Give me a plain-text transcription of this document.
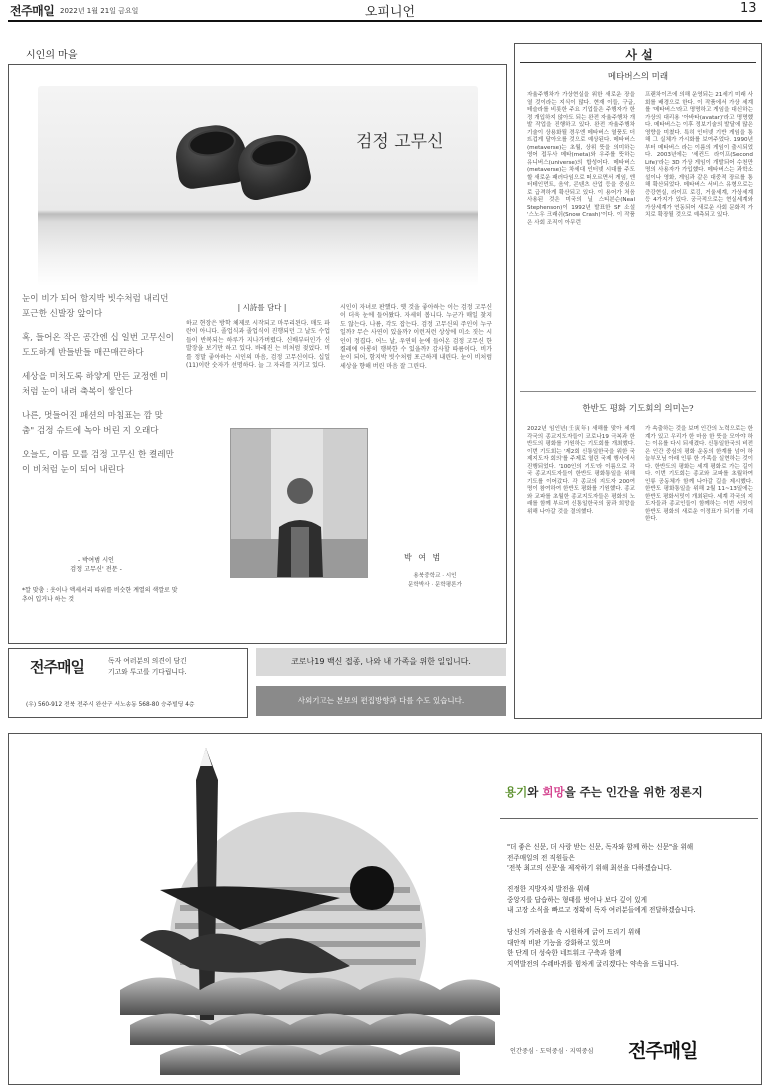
전주매일 2022년 1월 21일 금요일	오피니언	13
시인의 마을
검정 고무신

눈이 비가 되어 함지박 빗수처럼 내리던 포근한 신발장 앞이다

혹, 들어온 작은 공간엔 십 일번 고무신이 도도하게 반들반들 매끈매끈하다

세상을 미처도록 하얗게 만든 교정엔 미처럼 눈이 내려 축복이 쌓인다

나른, 멋들어진 패션의 마침표는 깜 맞춤" 검정 슈트에 녹아 버린 지 오래다

오늘도, 이름 모를 검정 고무신 한 켤레만이 비처럼 눈이 되어 내린다

- 박여범 시인
검정 고무신' 전문 -
*깔 맞춤 : 옷이나 액세서리 따위를 비슷한 계열의 색깔로 맞추어 입거나 하는 것
| 시詩를 담다 |
하교 현장은 방학 체제로 시작되고 마무리된다. 매도 파란이 아니다. 졸업식과 졸업식이 진행되던 그 날도 수업들이 반복되는 하루가 지나가버렸다. 신배부터인가 신발장을 보기만 하고 있다. 바래진 는 비처럼 젖었다. 비를 정말 좋아하는 시인의 마음, 검정 고무신이다. 십일(11)이란 숫자가 선명하다. 늘 그 자리를 지키고 있다.
시인이 자녀로 판했다. 옛 것을 좋아하는 이는 검정 고무신이 더욱 눈에 들어왔다. 자세히 봅니다. 누군가 매일 찾지도 않는다. 나름, 각도 잡는다. 검정 고무신의 주인이 누구일까? 무슨 사연이 있을까? 이런저런 상상에 미소 짓는 시인이 정겹다. 어느 날, 우연히 눈에 들어온 검정 고무신 한 켤레에 아롱히 행복한 수 있을까? 감사할 따름이다. 비가 눈이 되어, 함지박 빗수처럼 포근하게 내린다. 눈이 비처럼 세상을 향해 버린 마음 잘 그린다.
박 여 범
용북중학교 · 시인
문학박사 · 문학평론가
전주매일	독자 여러분의 의견이 담긴
기고와 투고를 기다립니다.
(우) 560-912 전북 전주시 완산구 서노송동 568-80 승주빌딩 4층
코로나19 백신 접종, 나와 내 가족을 위한 일입니다.
사외기고는 본보의 편집방향과 다를 수도 있습니다.
사 설
메타버스의 미래
자율주행차가 가상현실을 위한 새로운 장을 열 것이라는 지식이 많다. 현재 이들, 구글, 테슬라를 비롯한 주요 기업들은 주행자가 한정 개입하지 않아도 되는 완전 자율주행차 개발 작업을 진행하고 있다. 완전 자율주행차 기술이 상용화될 경우엔 메타버스 열풍도 더 뜨겁게 달아오를 것으로 예상된다. 메타버스(metaverse)는 초월, 상위 뜻을 의미하는 영어 접두사 메타(meta)와 우주를 뜻하는 유니버스(universe)의 합성어다. 메타버스(metaverse)는 차세대 인터넷 시대를 주도할 새로운 패러다임으로 떠오르면서 게임, 엔터테인먼트, 음악, 콘텐츠 산업 등을 중심으로 급격하게 확산되고 있다. 이 용어가 처음 사용된 것은 미국의 닐 스티븐슨(Neal Stephenson)이 1992년 발표한 SF 소설 '스노우 크래쉬(Snow Crash)'이다. 이 작품은 사회 조직이 아무런
프랜차이즈에 의해 운영되는 21세기 미래 사회를 배경으로 한다. 이 작품에서 가상 세계를 '메타버스'라고 명명하고 게임을 대신하는 가상의 대리용 '아바타(avatar)'라고 명명했다. 메타버스는 이후 정보기술의 발달에 많은 영향을 미쳤다. 특히 인터넷 기반 게임을 통해 그 실체가 가시화를 보여주었다. 1990년부터 메타버스 라는 이름의 게임이 출시되었다. 2003년에는 '세컨드 라이프(Second Life)'라는 3D 가상 게임이 개발되어 수천만 명의 사용자가 가입했다. 메타버스는 과학소설이나 영화, 게임과 같은 대중적 장르를 통해 확산되었다. 메타버스 서비스 유형으로는 증강현실, 라이프 로깅, 거울세계, 가상세계 등 4가지가 있다. 궁극적으로는 현실세계와 가상세계가 연동되어 새로운 사회 문화적 가치로 확장될 것으로 예측되고 있다.
한반도 평화 기도회의 의미는?
2022년 임인년(壬寅年) 새해를 맞아 세계 각국의 종교지도자들이 코로나19 극복과 한반도의 평화를 기원하는 기도회를 개최했다. 이번 기도회는 '제2회 신통일한국을 위한 국제지도자 회의'를 주제로 열린 국제 행사에서 진행되었다. '100인의 기도'라 이름으로 각국 종교지도자들이 한반도 평화통일을 위해 기도를 이어갔다. 각 종교의 지도자 200여 명이 참여하여 한반도 평화를 기원했다. 종교와 교파를 초월한 종교지도자들은 평화의 노래를 함께 부르며 신통일한국의 꿈과 희망을 위해 나아갈 것을 결의했다.
가 속출하는 것을 보며 인간의 노력으로는 한계가 있고 우리가 한 마음 한 뜻을 모아야 하는 이유를 다시 되새겼다. 신통일한국의 비전은 인간 중심의 평화 운동의 한계를 넘어 하늘부모님 아래 인류 한 가족을 실현하는 것이다. 한반도의 평화는 세계 평화로 가는 길이다. 이번 기도회는 종교와 교파를 초월하여 인류 공동체가 함께 나아갈 길을 제시했다. 한반도 평화통일을 위해 2월 11~13일에는 한반도 평화서밋이 개최된다. 세계 각국의 지도자들과 종교인들이 함께하는 이번 서밋이 한반도 평화의 새로운 이정표가 되기를 기대한다.
용기와 희망을 주는 인간을 위한 정론지
"더 좋은 신문, 더 사랑 받는 신문, 독자와 함께 하는 신문"을 위해
전주매일의 전 직원들은
'전북 최고의 신문'을 제작하기 위해 최선을 다하겠습니다.
진정한 지방자치 발전을 위해
중앙지를 답습하는 형태를 벗어나 보다 깊이 있게
내 고장 소식을 빠르고 정확히 독자 여러분들에게 전달하겠습니다.
당신의 가려움을 속 시원하게 긁어 드리기 위해
대안적 비판 기능을 강화하고 있으며
한 단계 더 성숙한 네트워크 구축과 함께
지역발전의 수레바퀴를 힘차게 굴리겠다는 약속을 드립니다.
인간중심 · 도덕중심 · 지역중심 전주매일
